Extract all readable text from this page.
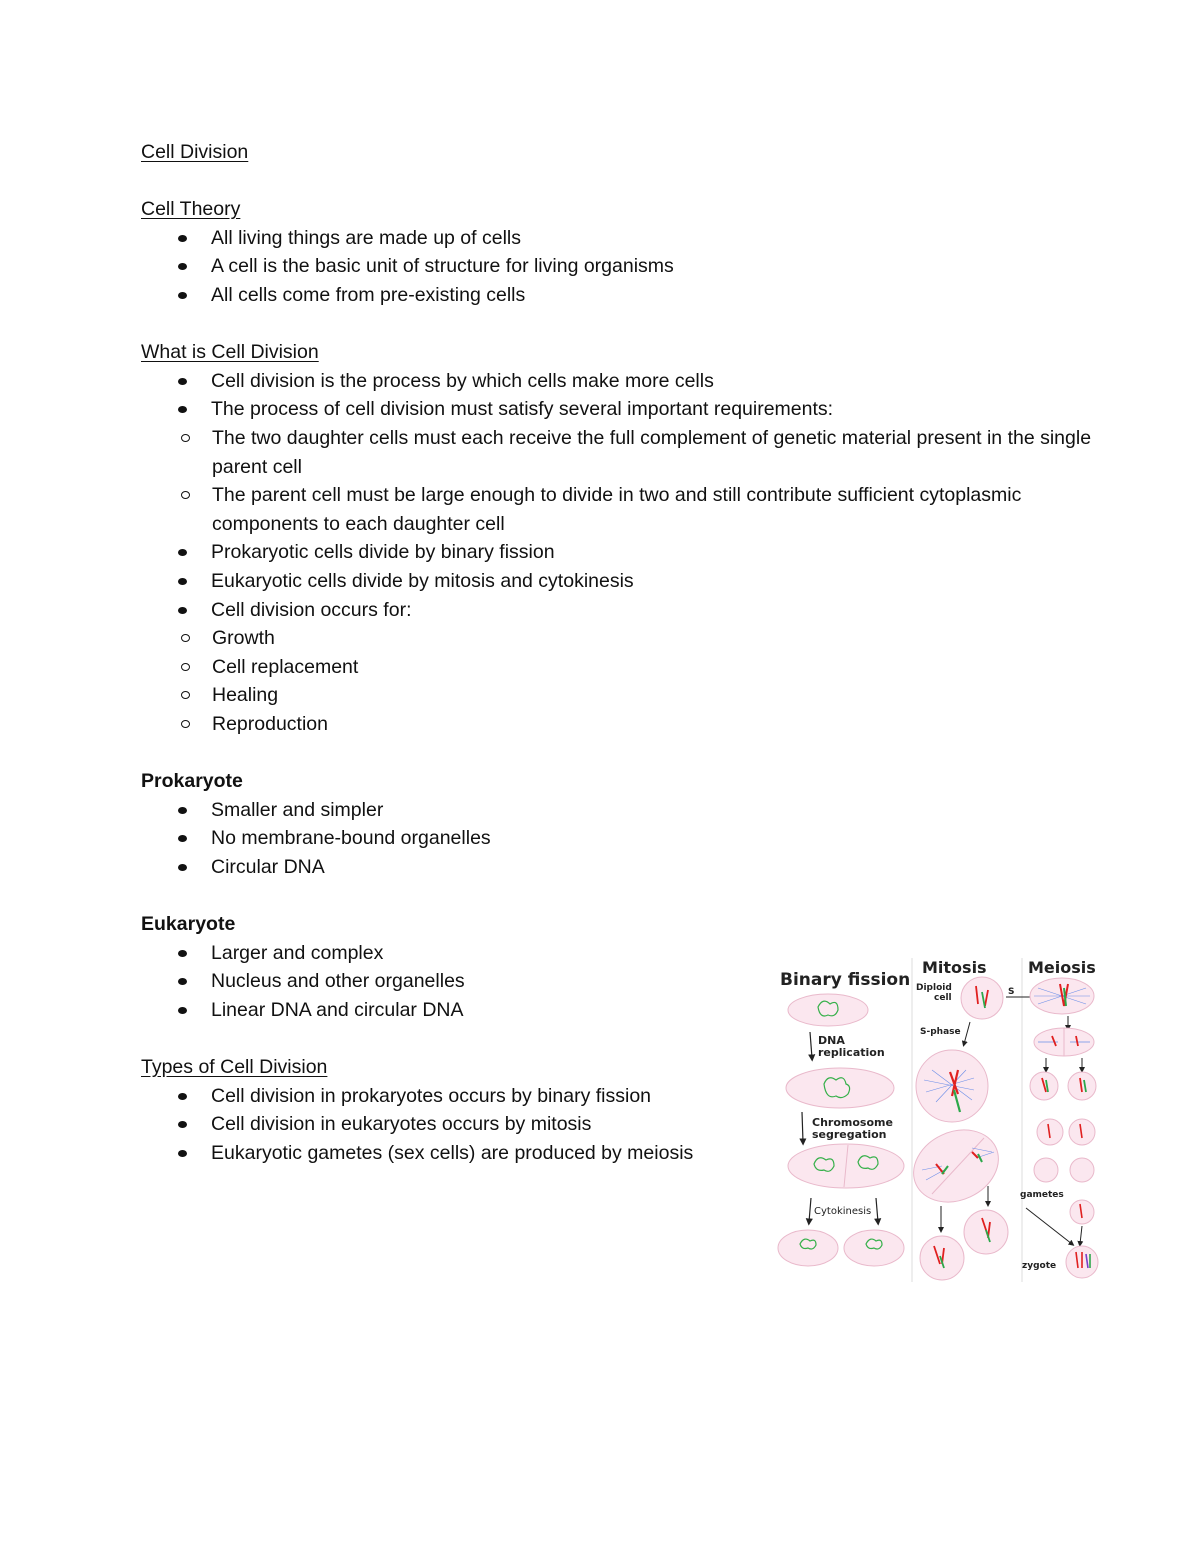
Cell Division
Cell Theory
All living things are made up of cells
A cell is the basic unit of structure for living organisms
All cells come from pre-existing cells
What is Cell Division
Cell division is the process by which cells make more cells
The process of cell division must satisfy several important requirements:
The two daughter cells must each receive the full complement of genetic material present in the single parent cell
The parent cell must be large enough to divide in two and still contribute sufficient cytoplasmic components to each daughter cell
Prokaryotic cells divide by binary fission
Eukaryotic cells divide by mitosis and cytokinesis
Cell division occurs for:
Growth
Cell replacement
Healing
Reproduction
Prokaryote
Smaller and simpler
No membrane-bound organelles
Circular DNA
Eukaryote
Larger and complex
Nucleus and other organelles
Linear DNA and circular DNA
Types of Cell Division
Cell division in prokaryotes occurs by binary fission
Cell division in eukaryotes occurs by mitosis
Eukaryotic gametes (sex cells) are produced by meiosis
Binary fission
Mitosis	Meiosis
DNA
replication
Chromosome
segregation
Cytokinesis
Diploid
cell
S-phase
S
gametes
zygote
